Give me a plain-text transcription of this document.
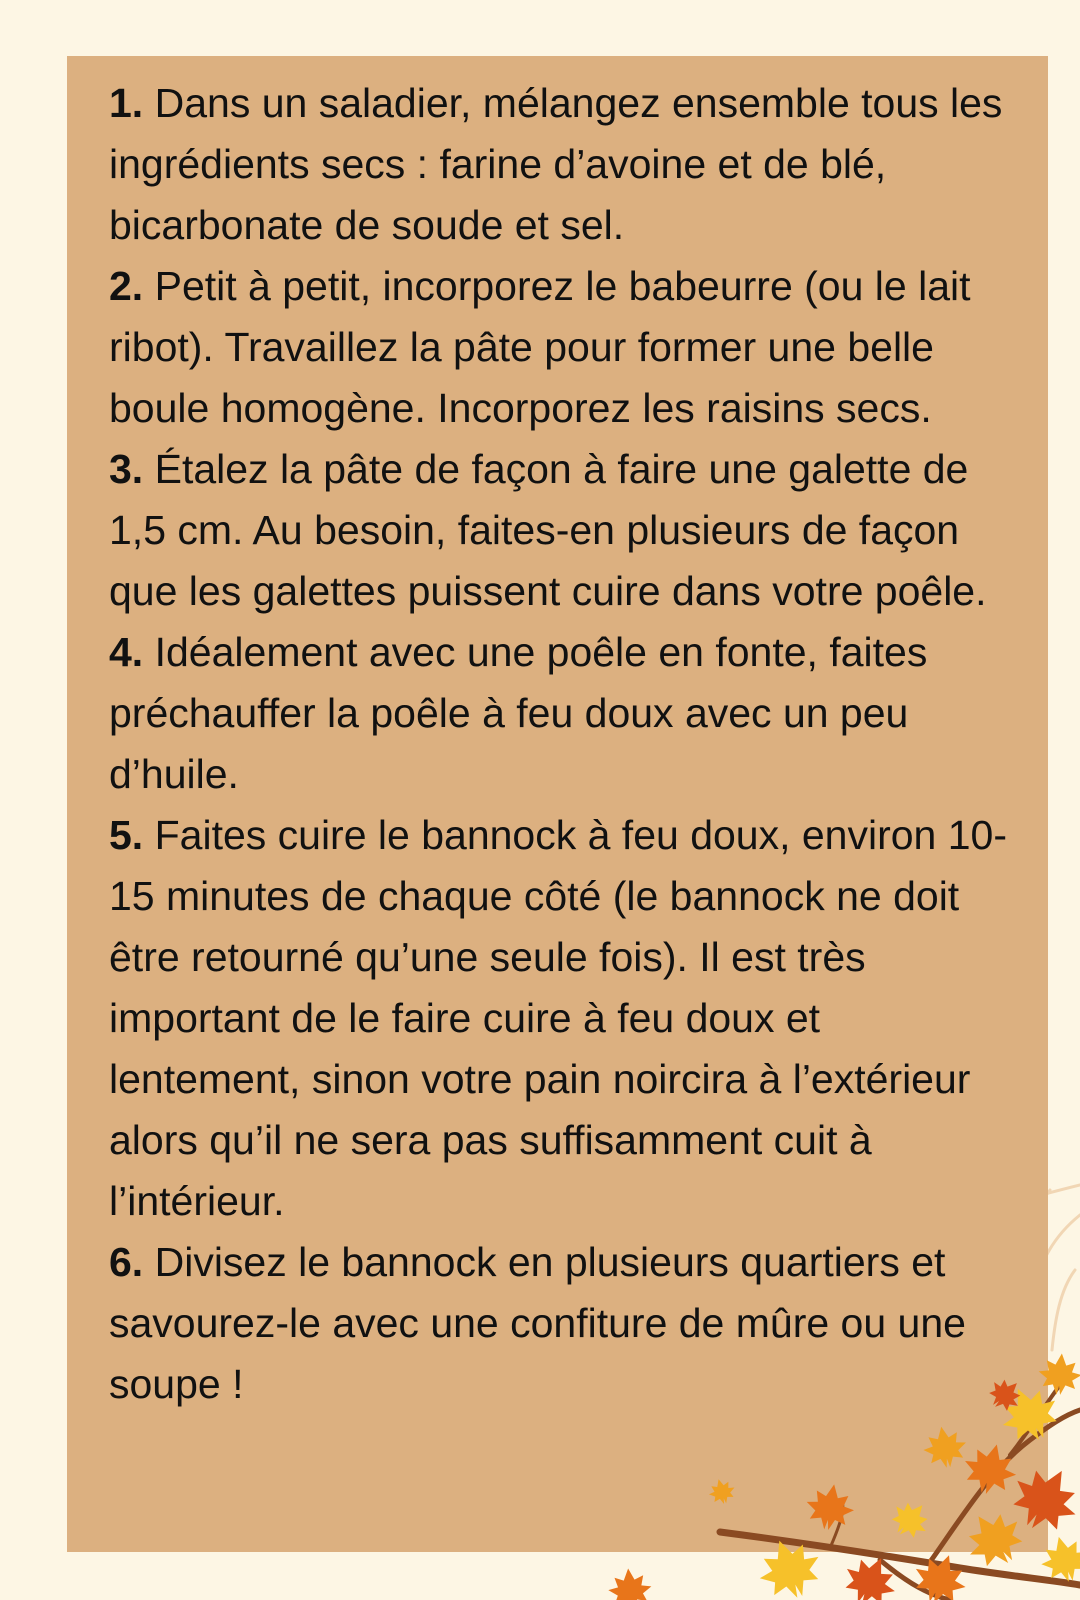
1. Dans un saladier, mélangez ensemble tous les ingrédients secs : farine d’avoine et de blé, bicarbonate de soude et sel.
2. Petit à petit, incorporez le babeurre (ou le lait ribot). Travaillez la pâte pour former une belle boule homogène. Incorporez les raisins secs.
3. Étalez la pâte de façon à faire une galette de 1,5 cm. Au besoin, faites-en plusieurs de façon que les galettes puissent cuire dans votre poêle.
4. Idéalement avec une poêle en fonte, faites préchauffer la poêle à feu doux avec un peu d’huile.
5. Faites cuire le bannock à feu doux, environ 10-15 minutes de chaque côté (le bannock ne doit être retourné qu’une seule fois). Il est très important de le faire cuire à feu doux et lentement, sinon votre pain noircira à l’extérieur alors qu’il ne sera pas suffisamment cuit à l’intérieur.
6. Divisez le bannock en plusieurs quartiers et savourez-le avec une confiture de mûre ou une soupe !
